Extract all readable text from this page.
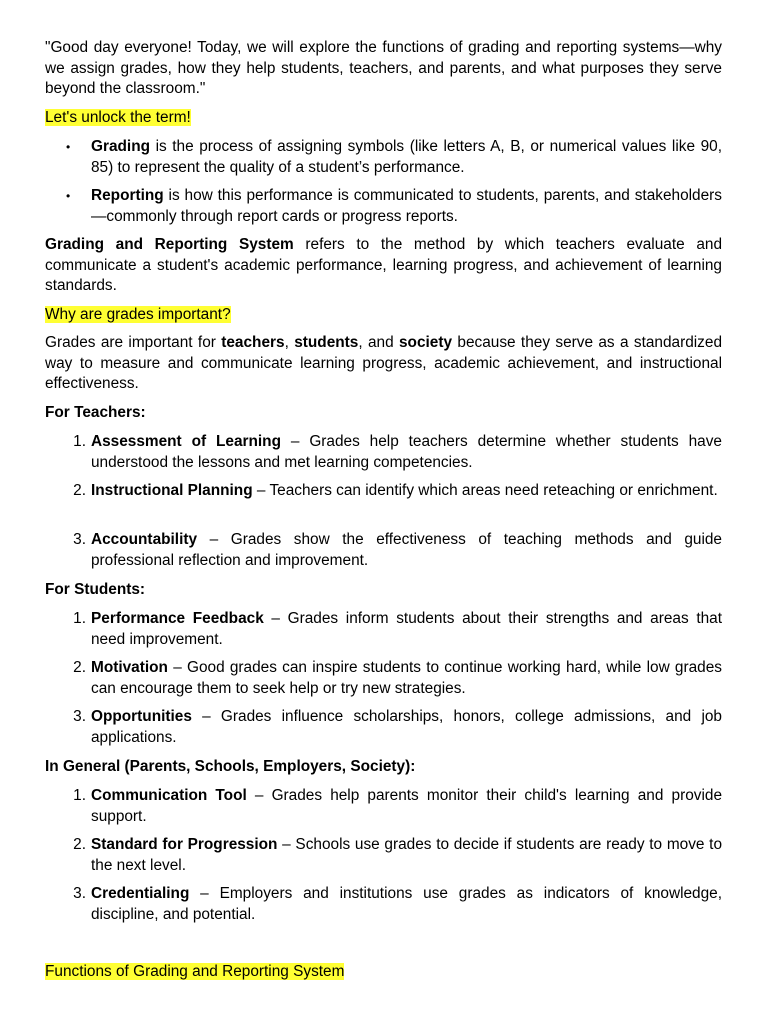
"Good day everyone! Today, we will explore the functions of grading and reporting systems—why we assign grades, how they help students, teachers, and parents, and what purposes they serve beyond the classroom."

Let's unlock the term!

• Grading is the process of assigning symbols (like letters A, B, or numerical values like 90, 85) to represent the quality of a student’s performance.

• Reporting is how this performance is communicated to students, parents, and stakeholders—commonly through report cards or progress reports.

Grading and Reporting System refers to the method by which teachers evaluate and communicate a student's academic performance, learning progress, and achievement of learning standards.

Why are grades important?

Grades are important for teachers, students, and society because they serve as a standardized way to measure and communicate learning progress, academic achievement, and instructional effectiveness.

For Teachers:

1. Assessment of Learning – Grades help teachers determine whether students have understood the lessons and met learning competencies.

2. Instructional Planning – Teachers can identify which areas need reteaching or enrichment.

3. Accountability – Grades show the effectiveness of teaching methods and guide professional reflection and improvement.

For Students:

1. Performance Feedback – Grades inform students about their strengths and areas that need improvement.

2. Motivation – Good grades can inspire students to continue working hard, while low grades can encourage them to seek help or try new strategies.

3. Opportunities – Grades influence scholarships, honors, college admissions, and job applications.

In General (Parents, Schools, Employers, Society):

1. Communication Tool – Grades help parents monitor their child's learning and provide support.

2. Standard for Progression – Schools use grades to decide if students are ready to move to the next level.

3. Credentialing – Employers and institutions use grades as indicators of knowledge, discipline, and potential.

Functions of Grading and Reporting System
